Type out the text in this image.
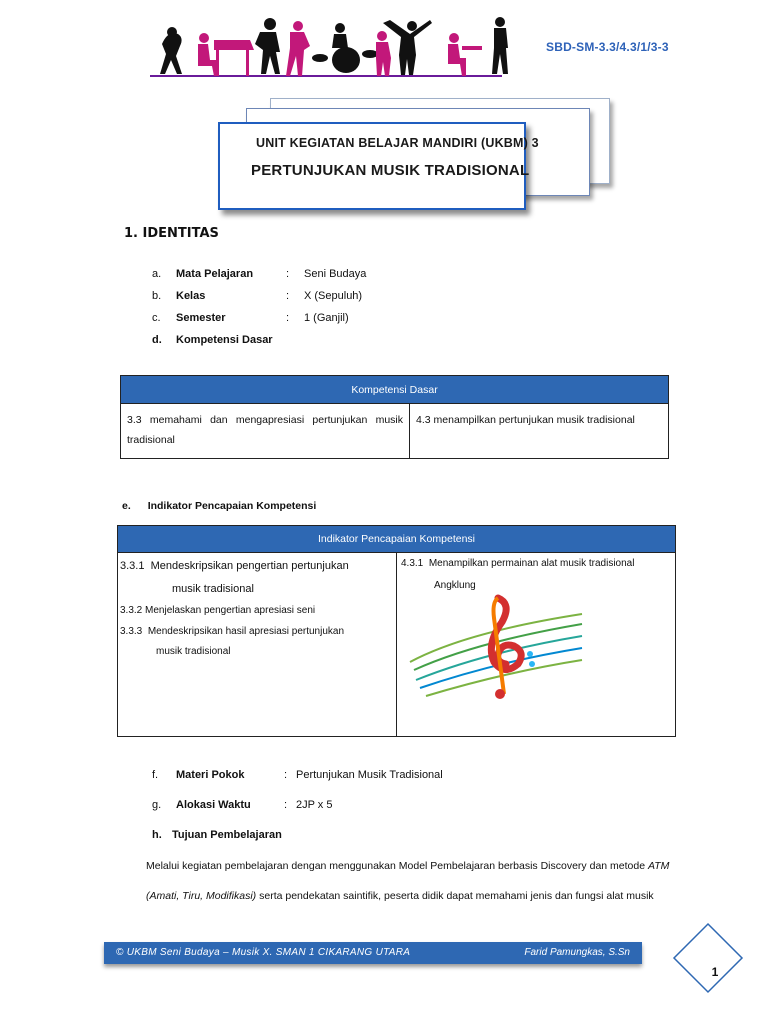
SBD-SM-3.3/4.3/1/3-3
UNIT KEGIATAN BELAJAR MANDIRI (UKBM) 3
PERTUNJUKAN MUSIK TRADISIONAL
1. IDENTITAS
a.	Mata Pelajaran	:	Seni Budaya
b.	Kelas	:	X (Sepuluh)
c.	Semester	:	1 (Ganjil)
d.	Kompetensi Dasar
Kompetensi Dasar
3.3 memahami dan mengapresiasi pertunjukan musik tradisional	4.3 menampilkan pertunjukan musik tradisional
e. Indikator Pencapaian Kompetensi
Indikator Pencapaian Kompetensi

3.3.1 Mendeskripsikan pengertian pertunjukan
musik tradisional
3.3.2 Menjelaskan pengertian apresiasi seni
3.3.3 Mendeskripsikan hasil apresiasi pertunjukan
musik tradisional
4.3.1 Menampilkan permainan alat musik tradisional
Angklung
f.	Materi Pokok	: Pertunjukan Musik Tradisional
g.	Alokasi Waktu	: 2JP x 5
h. Tujuan Pembelajaran
Melalui kegiatan pembelajaran dengan menggunakan Model Pembelajaran berbasis Discovery dan metode ATM
(Amati, Tiru, Modifikasi) serta pendekatan saintifik, peserta didik dapat memahami jenis dan fungsi alat musik
© UKBM Seni Budaya – Musik X. SMAN 1 CIKARANG UTARA	Farid Pamungkas, S.Sn
1
